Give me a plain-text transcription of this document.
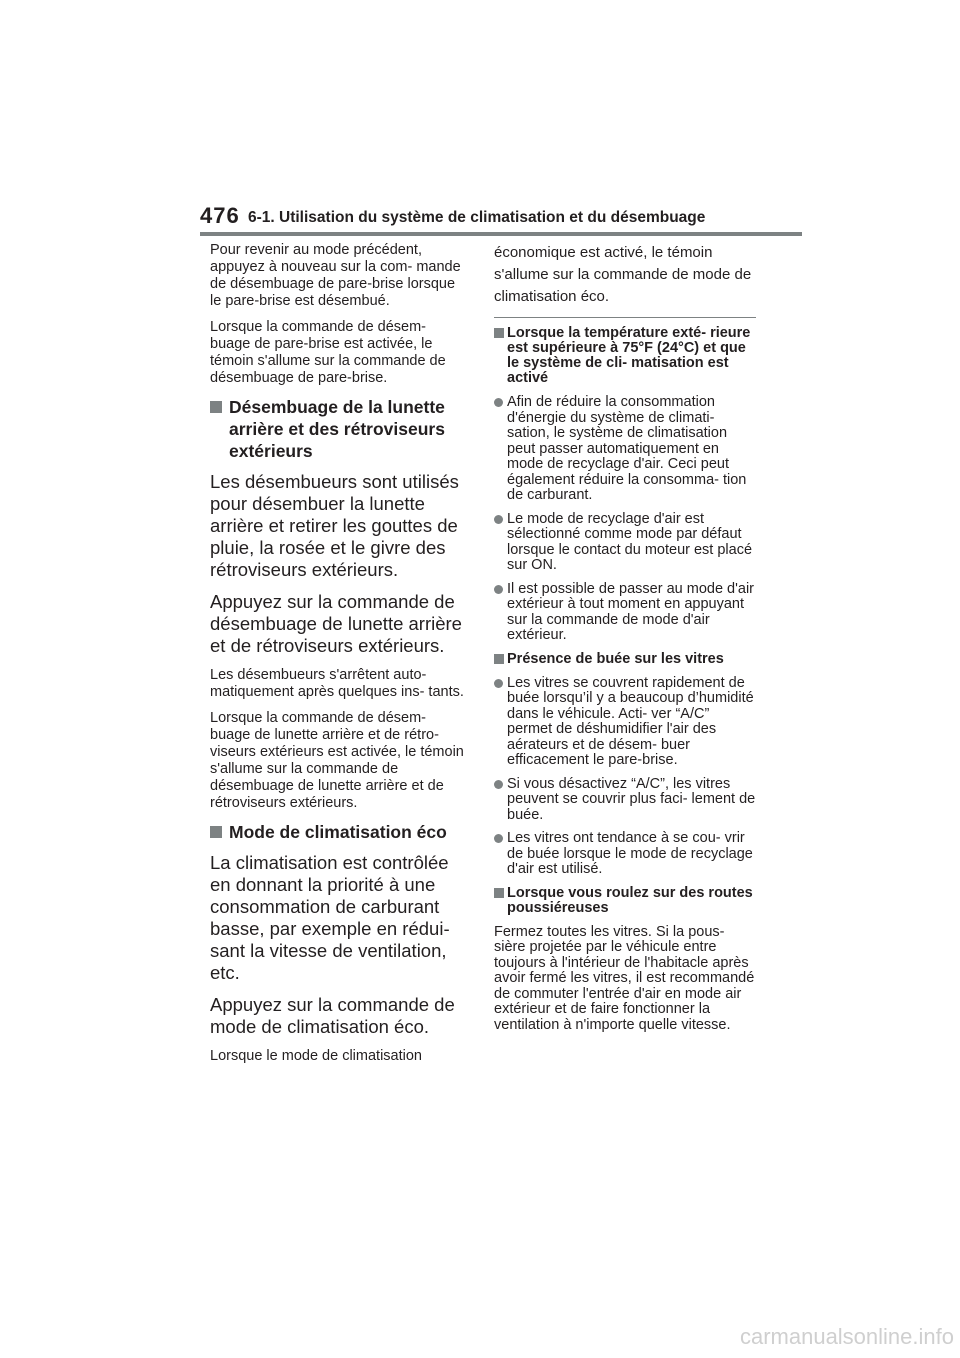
476 6-1. Utilisation du système de climatisation et du désembuage

Pour revenir au mode précédent, appuyez à nouveau sur la com- mande de désembuage de pare-brise lorsque le pare-brise est désembué.

Lorsque la commande de désem- buage de pare-brise est activée, le témoin s'allume sur la commande de désembuage de pare-brise.

Désembuage de la lunette arrière et des rétroviseurs extérieurs

Les désembueurs sont utilisés pour désembuer la lunette arrière et retirer les gouttes de pluie, la rosée et le givre des rétroviseurs extérieurs.

Appuyez sur la commande de désembuage de lunette arrière et de rétroviseurs extérieurs.

Les désembueurs s'arrêtent auto- matiquement après quelques ins- tants.

Lorsque la commande de désem- buage de lunette arrière et de rétro- viseurs extérieurs est activée, le témoin s'allume sur la commande de désembuage de lunette arrière et de rétroviseurs extérieurs.

Mode de climatisation éco

La climatisation est contrôlée en donnant la priorité à une consommation de carburant basse, par exemple en rédui- sant la vitesse de ventilation, etc.

Appuyez sur la commande de mode de climatisation éco.

Lorsque le mode de climatisation

économique est activé, le témoin s'allume sur la commande de mode de climatisation éco.

Lorsque la température exté- rieure est supérieure à 75°F (24°C) et que le système de cli- matisation est activé
Afin de réduire la consommation d'énergie du système de climati- sation, le système de climatisation peut passer automatiquement en mode de recyclage d'air. Ceci peut également réduire la consomma- tion de carburant.
Le mode de recyclage d'air est sélectionné comme mode par défaut lorsque le contact du moteur est placé sur ON.
Il est possible de passer au mode d'air extérieur à tout moment en appuyant sur la commande de mode d'air extérieur.
Présence de buée sur les vitres
Les vitres se couvrent rapidement de buée lorsqu’il y a beaucoup d’humidité dans le véhicule. Acti- ver “A/C” permet de déshumidifier l'air des aérateurs et de désem- buer efficacement le pare-brise.
Si vous désactivez “A/C”, les vitres peuvent se couvrir plus faci- lement de buée.
Les vitres ont tendance à se cou- vrir de buée lorsque le mode de recyclage d'air est utilisé.
Lorsque vous roulez sur des routes poussiéreuses

Fermez toutes les vitres. Si la pous- sière projetée par le véhicule entre toujours à l'intérieur de l'habitacle après avoir fermé les vitres, il est recommandé de commuter l'entrée d'air en mode air extérieur et de faire fonctionner la ventilation à n'importe quelle vitesse.

carmanualsonline.info
